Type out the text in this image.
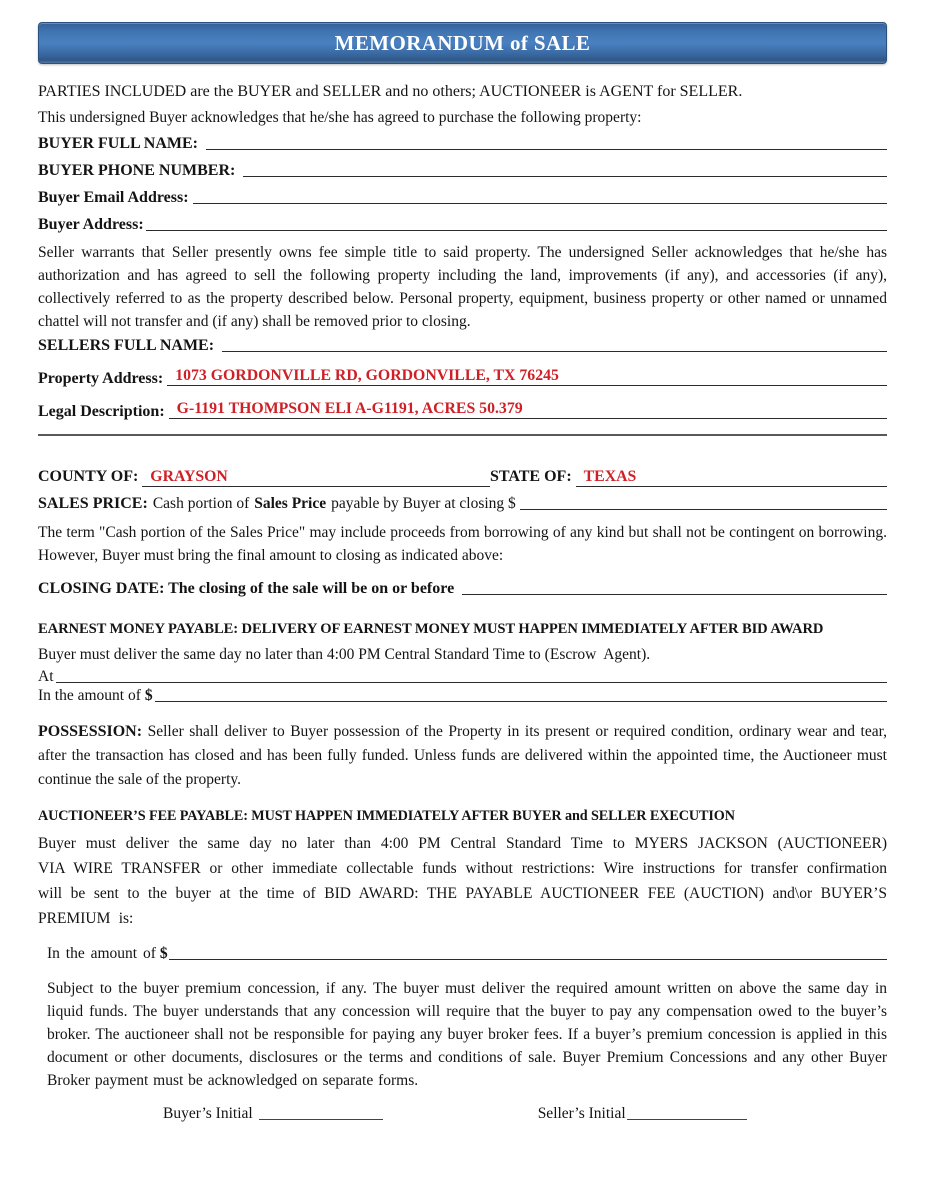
MEMORANDUM of SALE
PARTIES INCLUDED are the BUYER and SELLER and no others; AUCTIONEER is AGENT for SELLER.
This undersigned Buyer acknowledges that he/she has agreed to purchase the following property:
BUYER FULL NAME:
BUYER PHONE NUMBER:
Buyer Email Address:
Buyer Address:
Seller warrants that Seller presently owns fee simple title to said property. The undersigned Seller acknowledges that he/she has authorization and has agreed to sell the following property including the land, improvements (if any), and accessories (if any), collectively referred to as the property described below. Personal property, equipment, business property or other named or unnamed chattel will not transfer and (if any) shall be removed prior to closing.
SELLERS FULL NAME:
Property Address: 1073 GORDONVILLE RD, GORDONVILLE, TX 76245
Legal Description: G-1191 THOMPSON ELI A-G1191, ACRES 50.379
COUNTY OF: GRAYSON	STATE OF: TEXAS
SALES PRICE: Cash portion of Sales Price payable by Buyer at closing $
The term "Cash portion of the Sales Price" may include proceeds from borrowing of any kind but shall not be contingent on borrowing. However, Buyer must bring the final amount to closing as indicated above:
CLOSING DATE: The closing of the sale will be on or before
EARNEST MONEY PAYABLE: DELIVERY OF EARNEST MONEY MUST HAPPEN IMMEDIATELY AFTER BID AWARD
Buyer must deliver the same day no later than 4:00 PM Central Standard Time to (Escrow  Agent).
At
In the amount of $
POSSESSION: Seller shall deliver to Buyer possession of the Property in its present or required condition, ordinary wear and tear, after the transaction has closed and has been fully funded. Unless funds are delivered within the appointed time, the Auctioneer must continue the sale of the property.
AUCTIONEER’S FEE PAYABLE: MUST HAPPEN IMMEDIATELY AFTER BUYER and SELLER EXECUTION
Buyer must deliver the same day no later than 4:00 PM Central Standard Time to MYERS JACKSON (AUCTIONEER) VIA WIRE TRANSFER or other immediate collectable funds without restrictions: Wire instructions for transfer confirmation will be sent to the buyer at the time of BID AWARD: THE PAYABLE AUCTIONEER FEE (AUCTION) and\or BUYER’S PREMIUM is:
In the amount of $
Subject to the buyer premium concession, if any. The buyer must deliver the required amount written on above the same day in liquid funds. The buyer understands that any concession will require that the buyer to pay any compensation owed to the buyer’s broker. The auctioneer shall not be responsible for paying any buyer broker fees. If a buyer’s premium concession is applied in this document or other documents, disclosures or the terms and conditions of sale. Buyer Premium Concessions and any other Buyer Broker payment must be acknowledged on separate forms.
Buyer’s Initial	Seller’s Initial
